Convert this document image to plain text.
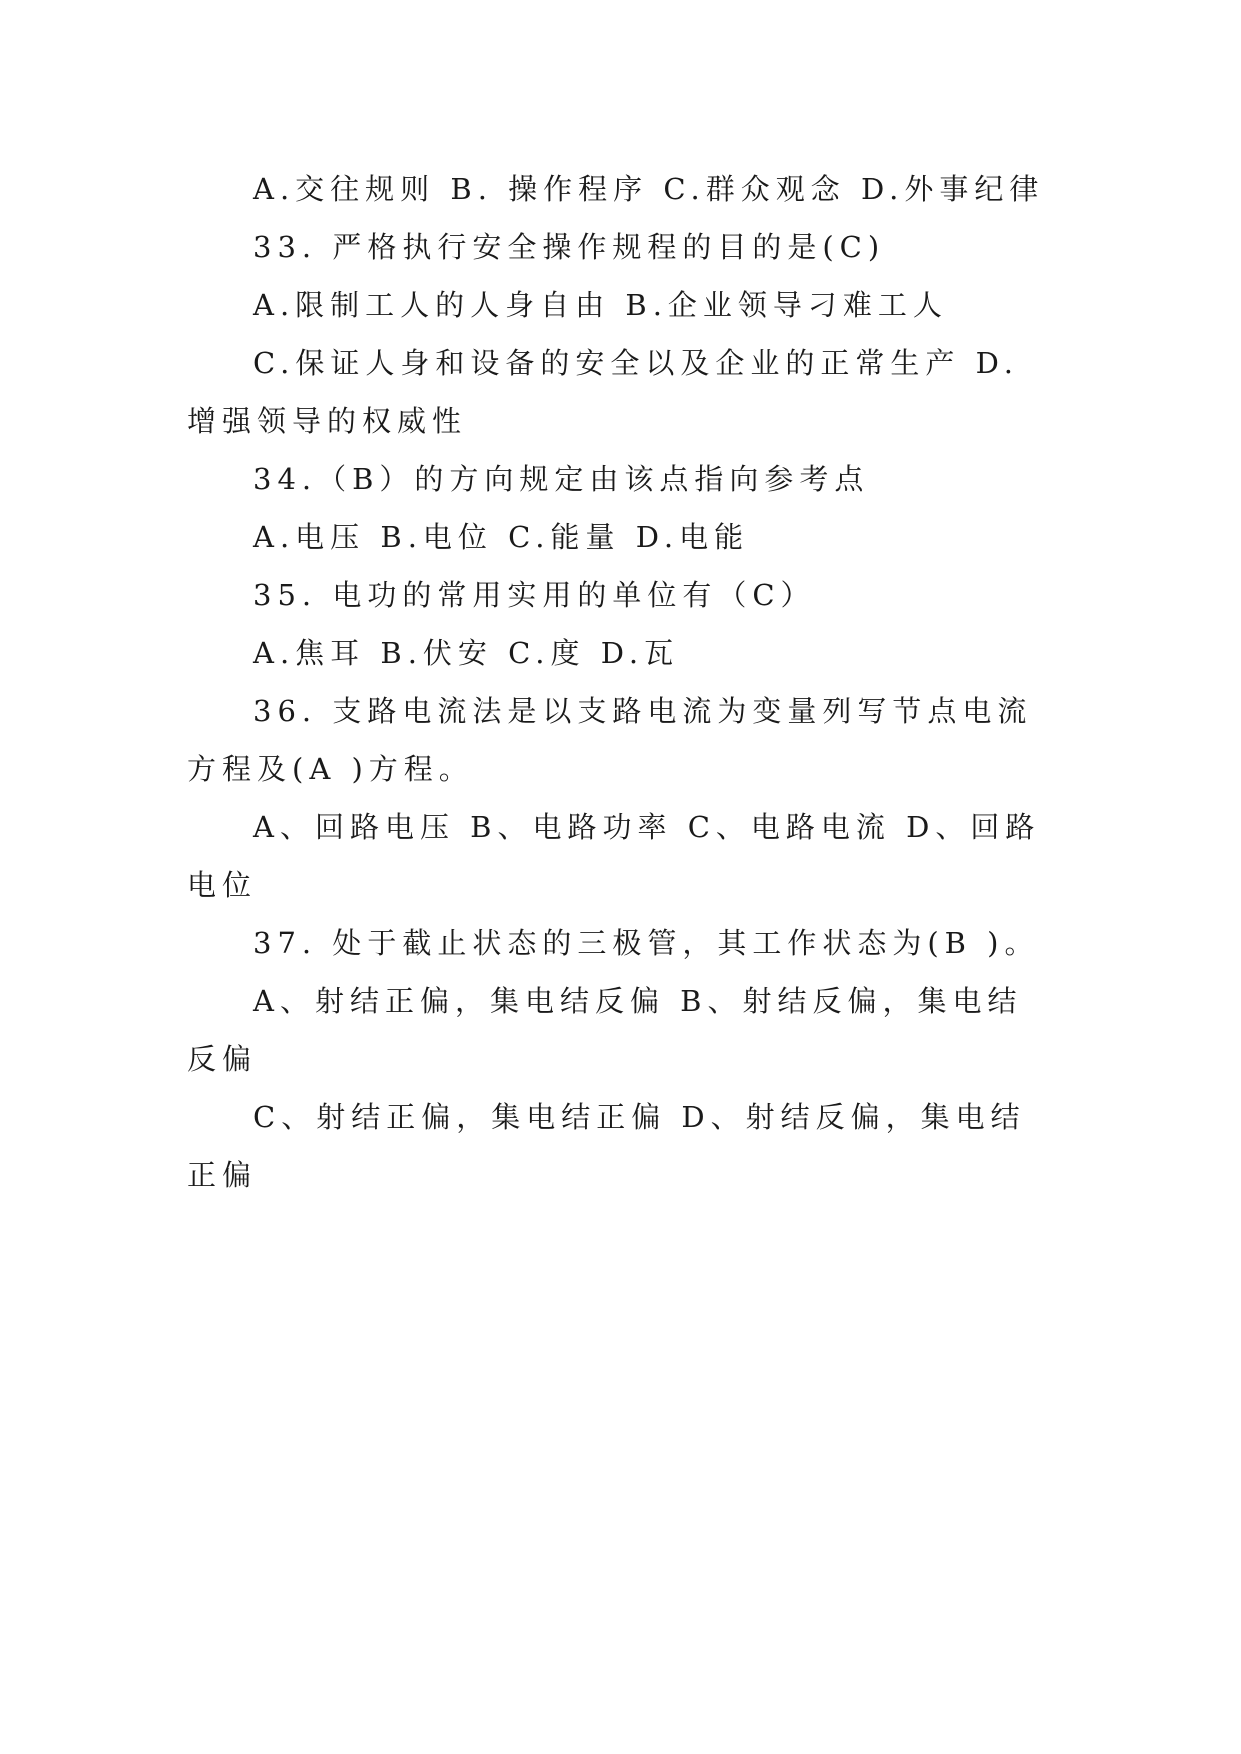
A.交往规则 B. 操作程序 C.群众观念 D.外事纪律

33. 严格执行安全操作规程的目的是(C)

A.限制工人的人身自由 B.企业领导刁难工人

C.保证人身和设备的安全以及企业的正常生产 D.增强领导的权威性

34.（B）的方向规定由该点指向参考点

A.电压 B.电位 C.能量 D.电能

35. 电功的常用实用的单位有（C）

A.焦耳 B.伏安 C.度 D.瓦

36. 支路电流法是以支路电流为变量列写节点电流方程及(A )方程。

A、回路电压 B、电路功率 C、电路电流 D、回路电位

37. 处于截止状态的三极管，其工作状态为(B )。

A、射结正偏，集电结反偏 B、射结反偏，集电结反偏

C、射结正偏，集电结正偏 D、射结反偏，集电结正偏
